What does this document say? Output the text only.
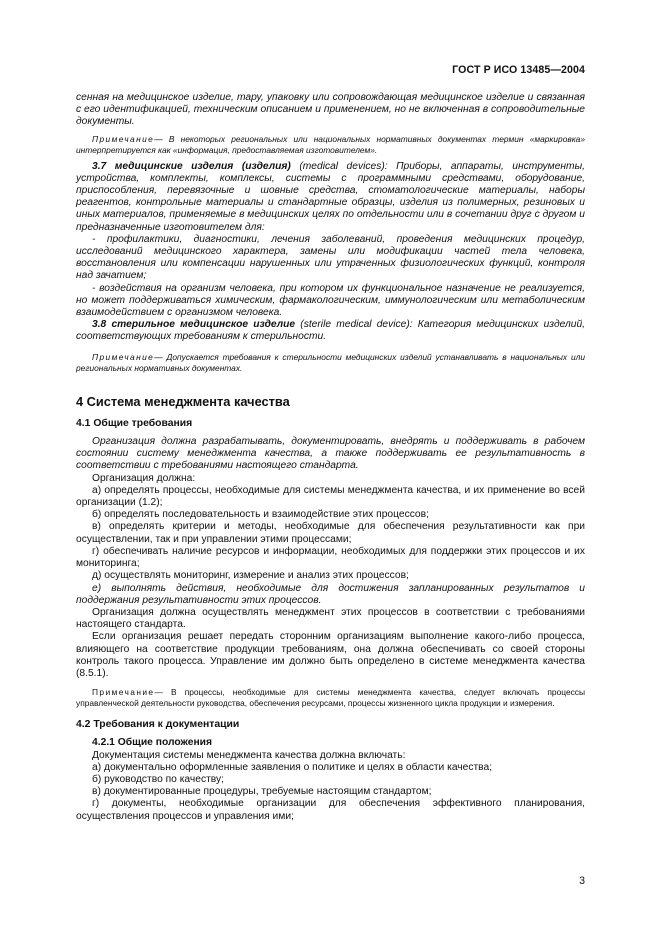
ГОСТ Р ИСО 13485—2004

сенная на медицинское изделие, тару, упаковку или сопровождающая медицинское изделие и связанная с его идентификацией, техническим описанием и применением, но не включенная в сопроводительные документы.

Примечание— В некоторых региональных или национальных нормативных документах термин «маркировка» интерпретируется как «информация, предоставляемая изготовителем».

3.7 медицинские изделия (изделия) (medical devices): Приборы, аппараты, инструменты, устройства, комплекты, комплексы, системы с программными средствами, оборудование, приспособления, перевязочные и шовные средства, стоматологические материалы, наборы реагентов, контрольные материалы и стандартные образцы, изделия из полимерных, резиновых и иных материалов, применяемые в медицинских целях по отдельности или в сочетании друг с другом и предназначенные изготовителем для:

- профилактики, диагностики, лечения заболеваний, проведения медицинских процедур, исследований медицинского характера, замены или модификации частей тела человека, восстановления или компенсации нарушенных или утраченных физиологических функций, контроля над зачатием;

- воздействия на организм человека, при котором их функциональное назначение не реализуется, но может поддерживаться химическим, фармакологическим, иммунологическим или метаболическим взаимодействием с организмом человека.

3.8 стерильное медицинское изделие (sterile medical device): Категория медицинских изделий, соответствующих требованиям к стерильности.

Примечание— Допускается требования к стерильности медицинских изделий устанавливать в национальных или региональных нормативных документах.

4 Система менеджмента качества

4.1 Общие требования

Организация должна разрабатывать, документировать, внедрять и поддерживать в рабочем состоянии систему менеджмента качества, а также поддерживать ее результативность в соответствии с требованиями настоящего стандарта.

Организация должна:

а) определять процессы, необходимые для системы менеджмента качества, и их применение во всей организации (1.2);

б) определять последовательность и взаимодействие этих процессов;

в) определять критерии и методы, необходимые для обеспечения результативности как при осуществлении, так и при управлении этими процессами;

г) обеспечивать наличие ресурсов и информации, необходимых для поддержки этих процессов и их мониторинга;

д) осуществлять мониторинг, измерение и анализ этих процессов;

е) выполнять действия, необходимые для достижения запланированных результатов и поддержания результативности этих процессов.

Организация должна осуществлять менеджмент этих процессов в соответствии с требованиями настоящего стандарта.

Если организация решает передать сторонним организациям выполнение какого-либо процесса, влияющего на соответствие продукции требованиям, она должна обеспечивать со своей стороны контроль такого процесса. Управление им должно быть определено в системе менеджмента качества (8.5.1).

Примечание— В процессы, необходимые для системы менеджмента качества, следует включать процессы управленческой деятельности руководства, обеспечения ресурсами, процессы жизненного цикла продукции и измерения.

4.2 Требования к документации

4.2.1 Общие положения

Документация системы менеджмента качества должна включать:

а) документально оформленные заявления о политике и целях в области качества;

б) руководство по качеству;

в) документированные процедуры, требуемые настоящим стандартом;

г) документы, необходимые организации для обеспечения эффективного планирования, осуществления процессов и управления ими;

3
